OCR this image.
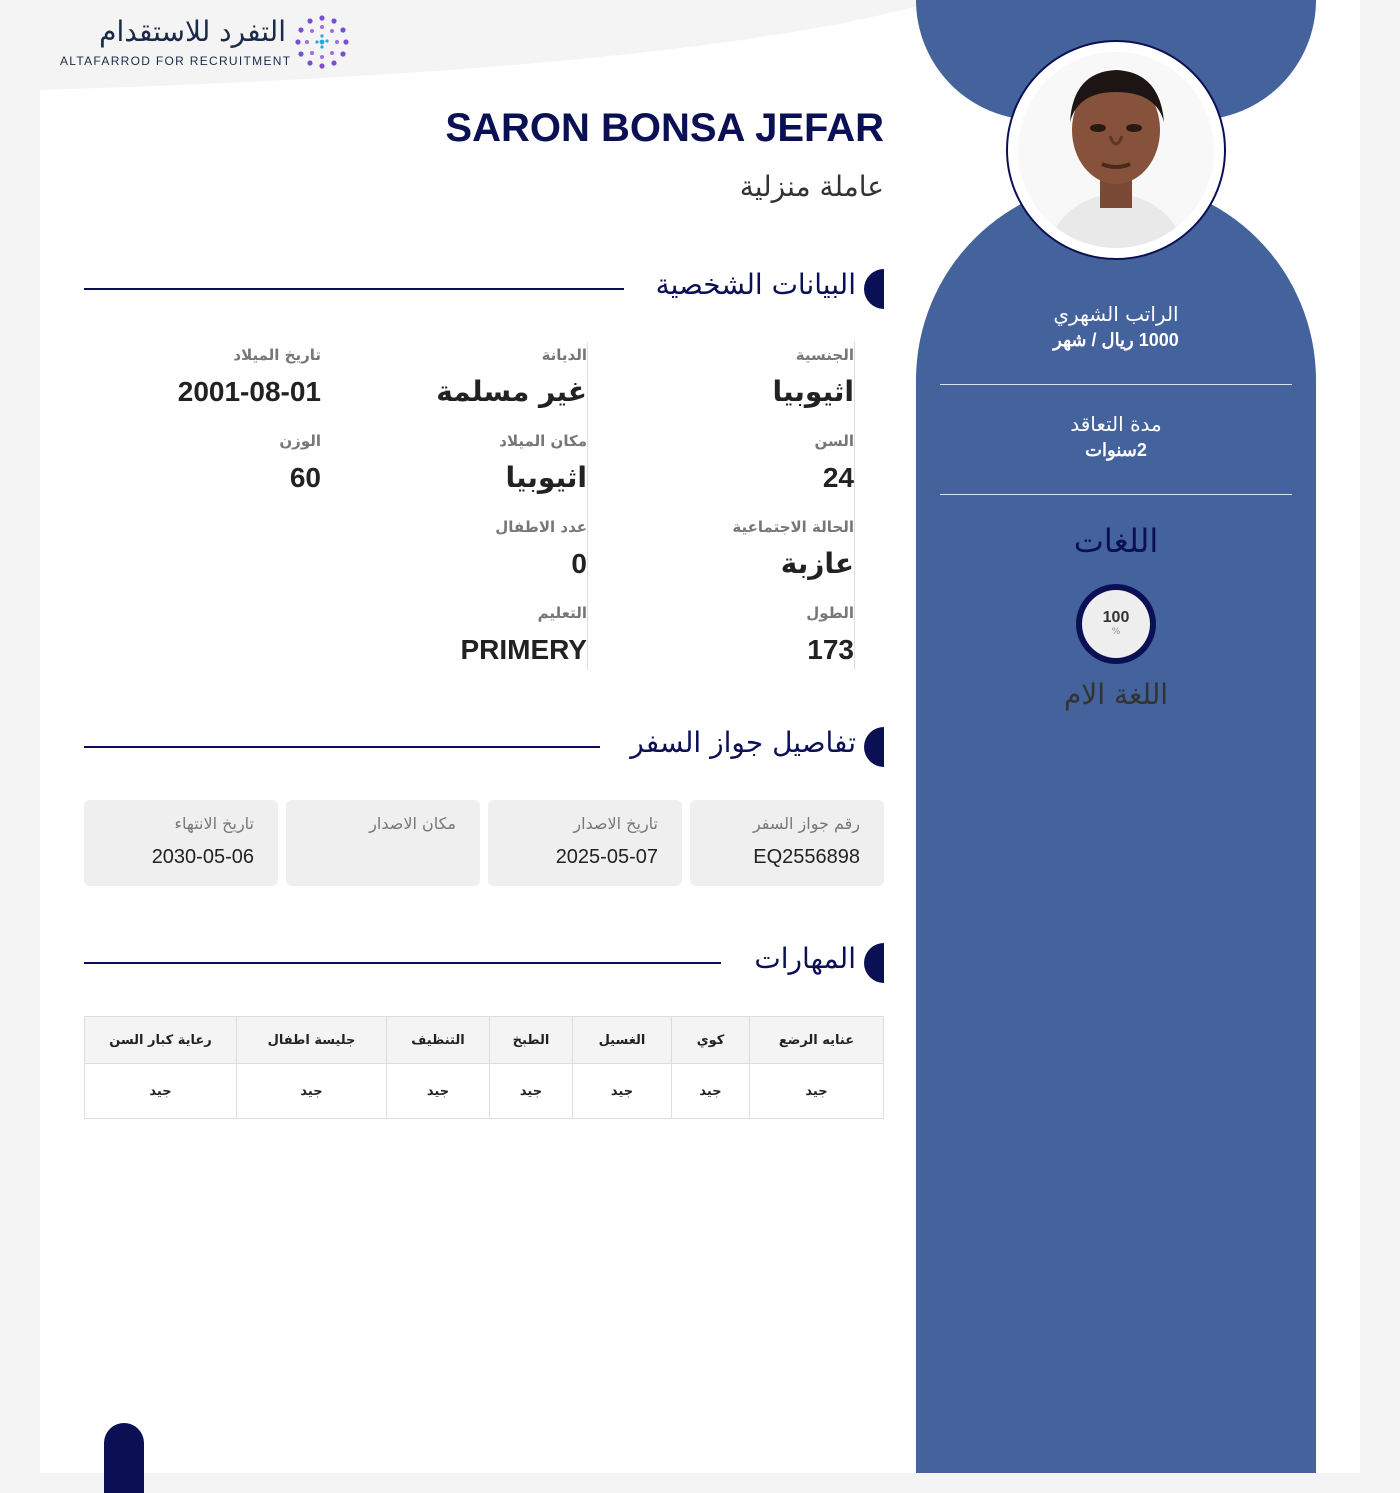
التفرد للاستقدام
ALTAFARROD FOR RECRUITMENT
الراتب الشهري
1000 ريال / شهر
مدة التعاقد
2سنوات
اللغات
100
%
اللغة الام
SARON BONSA JEFAR
عاملة منزلية
البيانات الشخصية
الجنسية
اثيوبيا
السن
24
الحالة الاجتماعية
عازبة
الطول
173
الديانة
غير مسلمة
مكان الميلاد
اثيوبيا
عدد الاطفال
0
التعليم
PRIMERY
تاريخ الميلاد
2001-08-01
الوزن
60
تفاصيل جواز السفر
رقم جواز السفر
EQ2556898
تاريخ الاصدار
2025-05-07
مكان الاصدار
تاريخ الانتهاء
2030-05-06
المهارات
عنايه الرضع	كوي	الغسيل	الطبخ	التنظيف	جليسة اطفال	رعاية كبار السن
جيد	جيد	جيد	جيد	جيد	جيد	جيد
